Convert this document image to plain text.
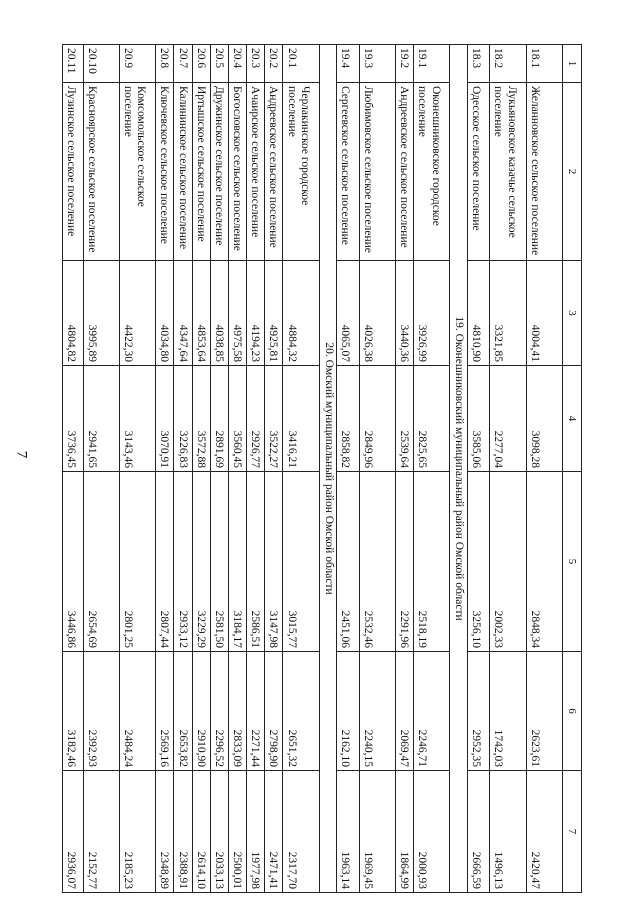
7
1	2	3	4	5	6	7
18.1	Желанновское сельское поселение	4004,41	3098,28	2848,34	2623,61	2420,47
18.2	Лукьяновское казачье сельское поселение	3321,85	2277,04	2002,33	1742,03	1496,13
18.3	Одесское сельское поселение	4810,90	3585,06	3256,10	2952,35	2666,59
19. Оконешниковский муниципальный район Омской области						
19.1	Оконешниковское городское поселение	3926,99	2825,65	2518,19	2246,71	2000,93
19.2	Андреевское сельское поселение	3440,36	2539,64	2291,96	2069,47	1864,99
19.3	Любимовское сельское поселение	4026,38	2849,96	2532,46	2240,15	1969,45
19.4	Сергеевское сельское поселение	4065,07	2858,82	2451,06	2162,10	1963,14
20. Омский муниципальный район Омской области						
20.1	Черлакинское городское поселение	4884,32	3416,21	3015,77	2651,32	2317,70
20.2	Андреевское сельское поселение	4925,81	3522,27	3147,98	2798,90	2471,41
20.3	Ачаирское сельское поселение	4194,23	2926,77	2586,51	2271,44	1977,98
20.4	Богословское сельское поселение	4975,58	3560,45	3184,17	2833,09	2500,01
20.5	Дружинское сельское поселение	4038,85	2891,69	2581,50	2296,52	2033,13
20.6	Иртышское сельское поселение	4853,64	3572,88	3229,29	2910,90	2614,10
20.7	Калининское сельское поселение	4347,64	3226,83	2933,12	2653,82	2388,91
20.8	Ключевское сельское поселение	4034,80	3070,91	2807,44	2569,16	2348,89
20.9	Комсомольское сельское поселение	4422,30	3143,46	2801,25	2484,24	2185,23
20.10	Красноярское сельское поселение	3995,89	2941,65	2654,69	2392,93	2152,77
20.11	Лузинское сельское поселение	4804,82	3736,45	3446,86	3182,46	2936,07
